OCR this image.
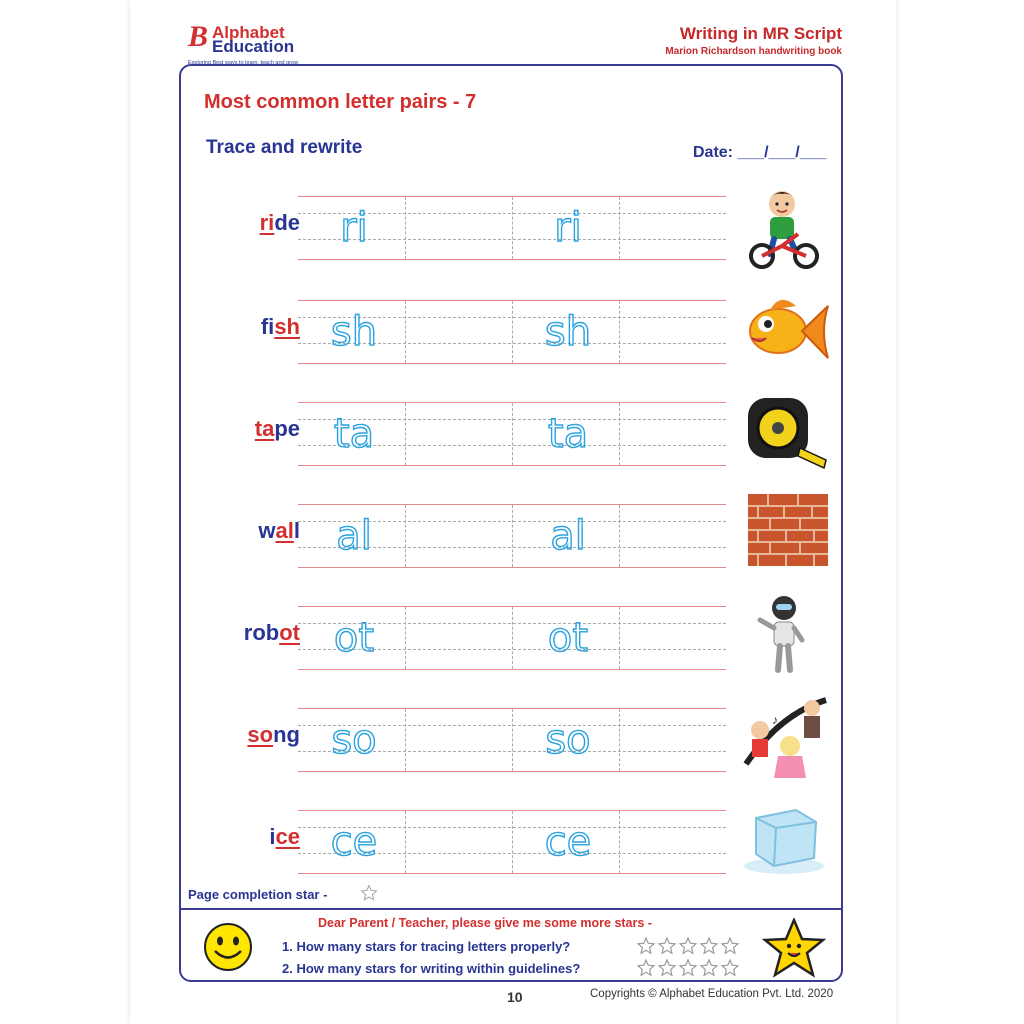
B Alphabet
Education
Exploring Best ways to learn, teach and grow
Writing in MR Script
Marion Richardson handwriting book
Most common letter pairs - 7
Trace and rewrite	Date: ___/___/___
ride	ri	ri
fish sh	sh
tape ta	ta
wall al	al
robot ot	ot
song so	so	♪
ice ce	ce
Page completion star -
Dear Parent / Teacher, please give me some more stars -
1. How many stars for tracing letters properly?
2. How many stars for writing within guidelines?
10	Copyrights © Alphabet Education Pvt. Ltd. 2020
